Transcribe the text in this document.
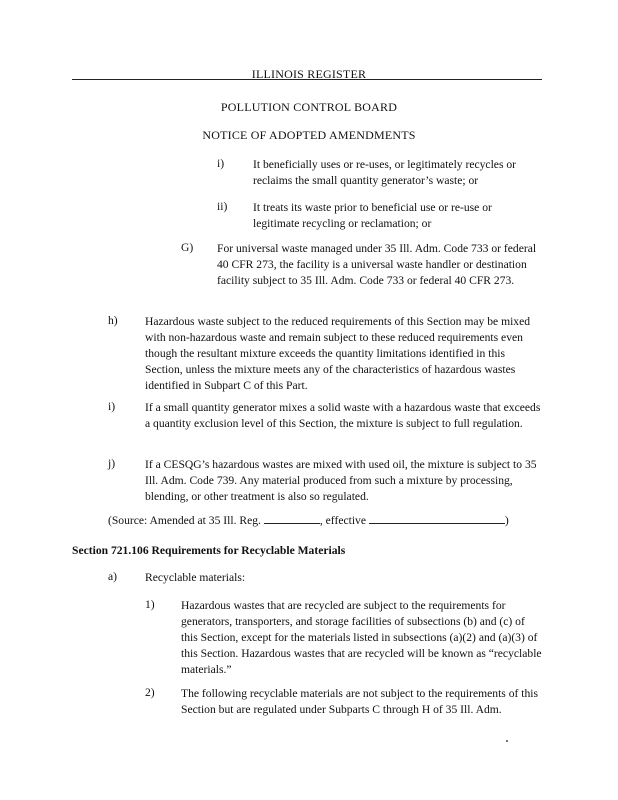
ILLINOIS REGISTER
POLLUTION CONTROL BOARD
NOTICE OF ADOPTED AMENDMENTS
i) It beneficially uses or re-uses, or legitimately recycles or reclaims the small quantity generator’s waste; or
ii) It treats its waste prior to beneficial use or re-use or legitimate recycling or reclamation; or
G) For universal waste managed under 35 Ill. Adm. Code 733 or federal 40 CFR 273, the facility is a universal waste handler or destination facility subject to 35 Ill. Adm. Code 733 or federal 40 CFR 273.
h) Hazardous waste subject to the reduced requirements of this Section may be mixed with non-hazardous waste and remain subject to these reduced requirements even though the resultant mixture exceeds the quantity limitations identified in this Section, unless the mixture meets any of the characteristics of hazardous wastes identified in Subpart C of this Part.
i)	If a small quantity generator mixes a solid waste with a hazardous waste that exceeds a quantity exclusion level of this Section, the mixture is subject to full regulation.
j)	If a CESQG’s hazardous wastes are mixed with used oil, the mixture is subject to 35 Ill. Adm. Code 739. Any material produced from such a mixture by processing, blending, or other treatment is also so regulated.
(Source: Amended at 35 Ill. Reg.	, effective	)
Section 721.106 Requirements for Recyclable Materials
a) Recyclable materials:
1) Hazardous wastes that are recycled are subject to the requirements for generators, transporters, and storage facilities of subsections (b) and (c) of this Section, except for the materials listed in subsections (a)(2) and (a)(3) of this Section. Hazardous wastes that are recycled will be known as “recyclable materials.”
2) The following recyclable materials are not subject to the requirements of this Section but are regulated under Subparts C through H of 35 Ill. Adm.
